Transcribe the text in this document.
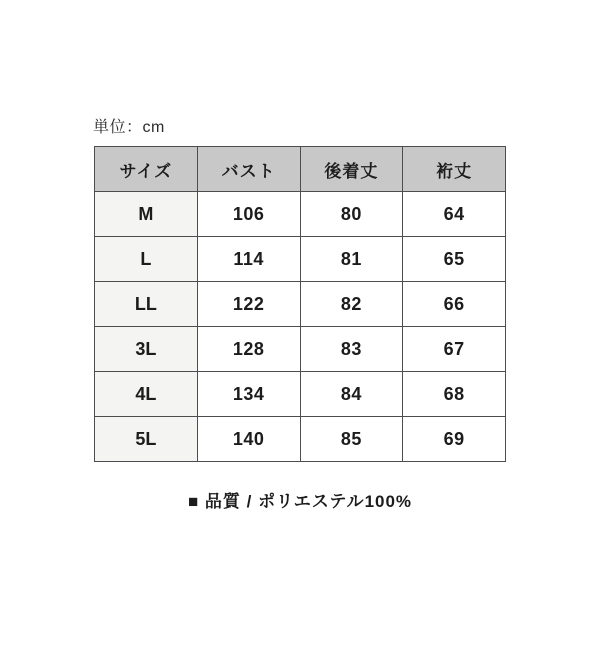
単位：cm
サイズ	バスト	後着丈	裄丈
M	106	80	64
L	114	81	65
LL	122	82	66
3L	128	83	67
4L	134	84	68
5L	140	85	69
■ 品質 / ポリエステル100%
